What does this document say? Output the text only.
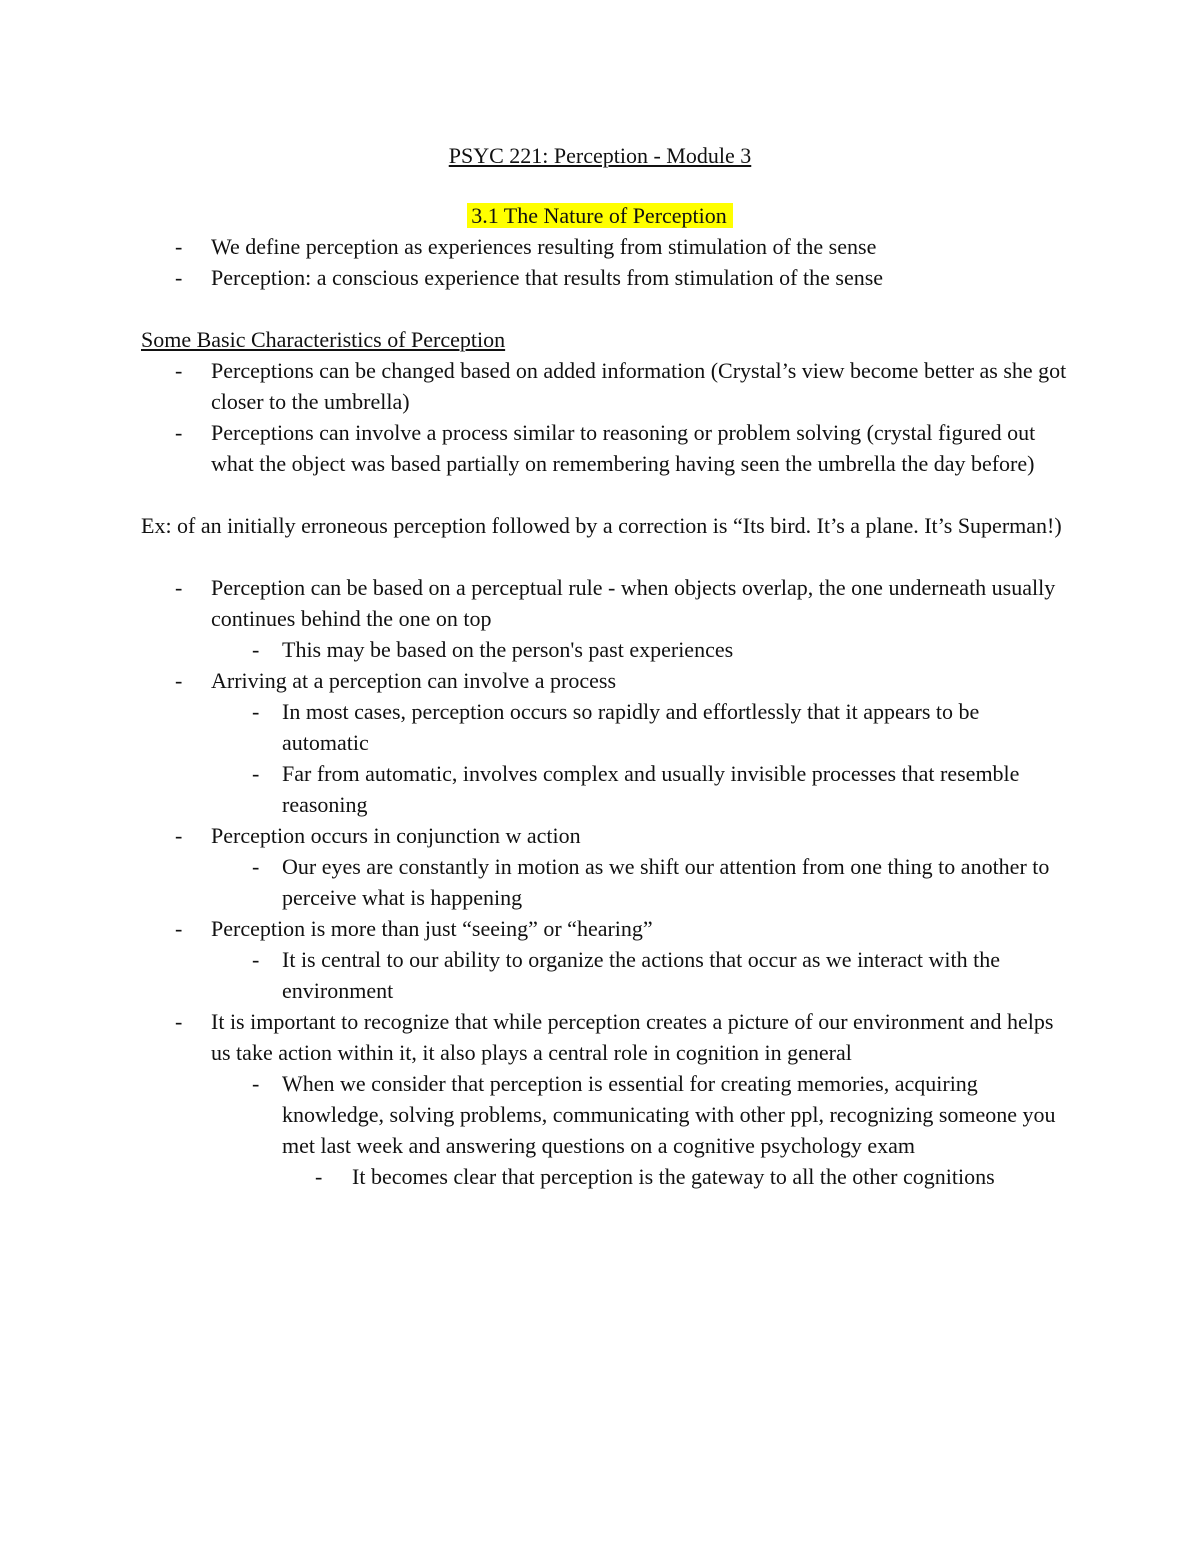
PSYC 221: Perception - Module 3
3.1 The Nature of Perception
- We define perception as experiences resulting from stimulation of the sense
- Perception: a conscious experience that results from stimulation of the sense

Some Basic Characteristics of Perception

- Perceptions can be changed based on added information (Crystal’s view become better as she got closer to the umbrella)
- Perceptions can involve a process similar to reasoning or problem solving (crystal figured out what the object was based partially on remembering having seen the umbrella the day before)

Ex: of an initially erroneous perception followed by a correction is “Its bird. It’s a plane. It’s Superman!)

- Perception can be based on a perceptual rule - when objects overlap, the one underneath usually continues behind the one on top
- This may be based on the person's past experiences
- Arriving at a perception can involve a process
- In most cases, perception occurs so rapidly and effortlessly that it appears to be automatic
- Far from automatic, involves complex and usually invisible processes that resemble reasoning
- Perception occurs in conjunction w action
- Our eyes are constantly in motion as we shift our attention from one thing to another to perceive what is happening
- Perception is more than just “seeing” or “hearing”
- It is central to our ability to organize the actions that occur as we interact with the environment
- It is important to recognize that while perception creates a picture of our environment and helps us take action within it, it also plays a central role in cognition in general
- When we consider that perception is essential for creating memories, acquiring knowledge, solving problems, communicating with other ppl, recognizing someone you met last week and answering questions on a cognitive psychology exam
- It becomes clear that perception is the gateway to all the other cognitions
